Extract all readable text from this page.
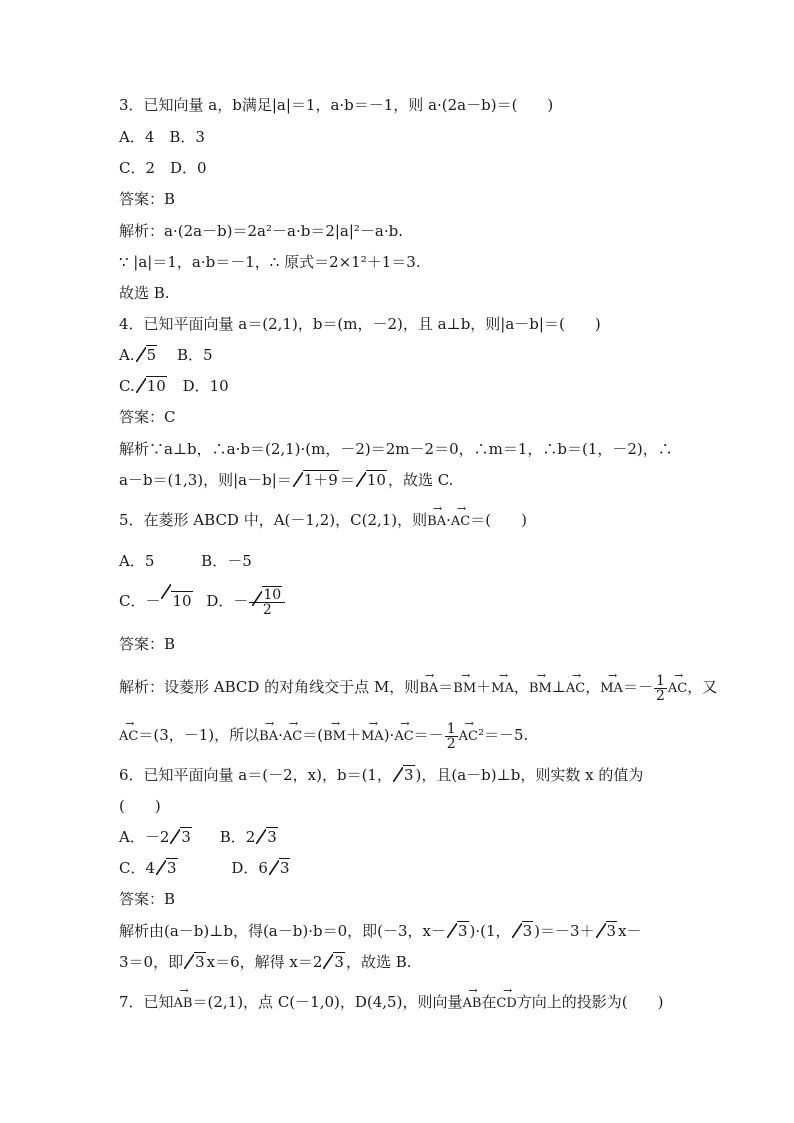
3．已知向量 a，b满足|a|＝1，a·b＝－1，则 a·(2a－b)＝(　　)
A．4　B．3
C．2　D．0
答案：B
解析：a·(2a－b)＝2a²－a·b＝2|a|²－a·b.
∵ |a|＝1，a·b＝－1，∴ 原式＝2×1²＋1＝3.
故选 B.
4．已知平面向量 a＝(2,1)，b＝(m，－2)，且 a⊥b，则|a－b|＝(　　)
A. 5 B．5
C. 10 D．10
答案：C
解析∵a⊥b，∴a·b＝(2,1)·(m，－2)＝2m－2＝0，∴m＝1，∴b＝(1，－2)，∴
a－b＝(1,3)，则|a－b|＝ 1＋9 ＝ 10 ，故选 C.
5．在菱形 ABCD 中，A(－1,2)，C(2,1)，则BA →·AC →＝(　　)
A．5	B．－5
C．－ 10 D．－ $\frac{10}{2}$
答案：B
解析：设菱形 ABCD 的对角线交于点 M，则BA →＝BM →＋MA →，BM →⊥AC →，MA →＝－ $\frac{1}{2}$ AC →，又
AC →＝(3，－1)，所以BA →·AC →＝(BM →＋MA →)·AC →＝－ $\frac{1}{2}$ AC →²＝－5.
6．已知平面向量 a＝(－2，x)，b＝(1， 3 )，且(a－b)⊥b，则实数 x 的值为
(　　)
A．－2 3 B．2 3
C．4 3	D．6 3
答案：B
解析由(a－b)⊥b，得(a－b)·b＝0，即(－3，x－ 3 )·(1， 3 )＝－3＋ 3 x－
3＝0，即 3 x＝6，解得 x＝2 3 ，故选 B.
7．已知AB →＝(2,1)，点 C(－1,0)，D(4,5)，则向量AB →在CD →方向上的投影为(　　)
